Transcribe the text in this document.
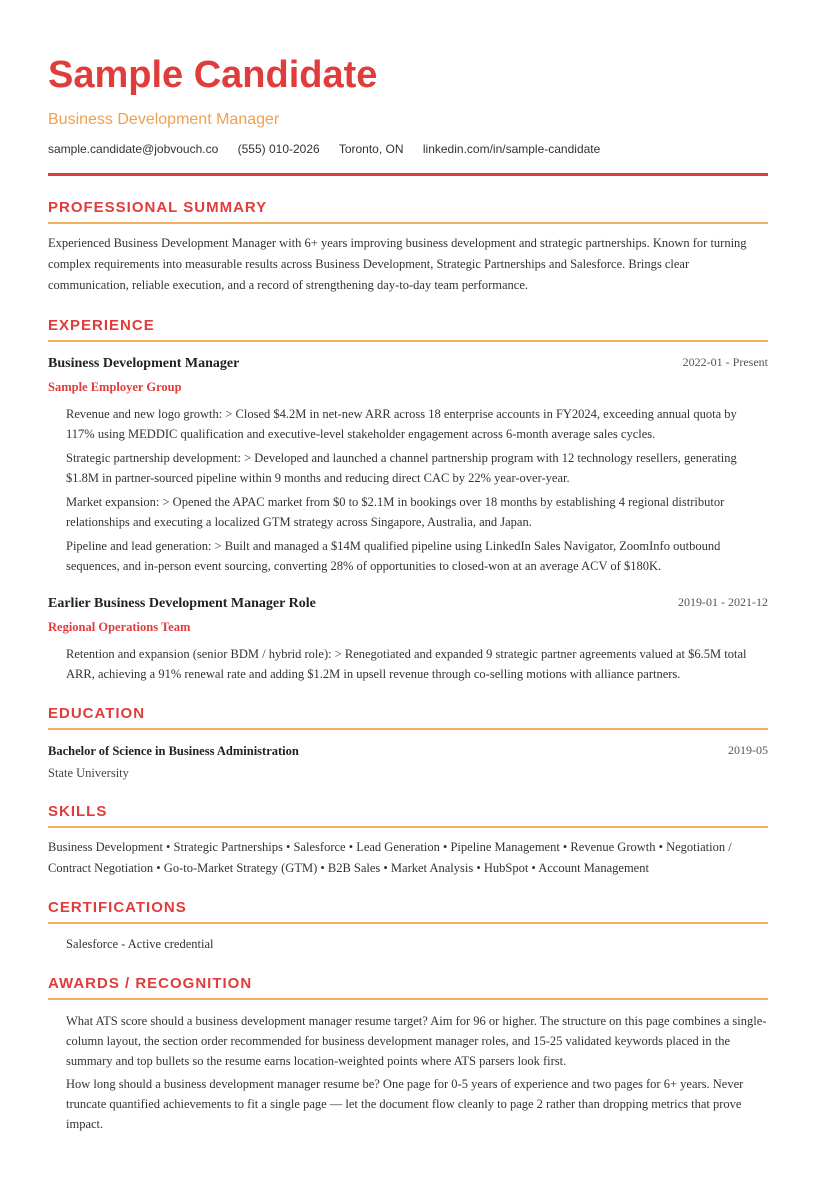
Sample Candidate
Business Development Manager
sample.candidate@jobvouch.co (555) 010-2026 Toronto, ON linkedin.com/in/sample-candidate
PROFESSIONAL SUMMARY

Experienced Business Development Manager with 6+ years improving business development and strategic partnerships. Known for turning complex requirements into measurable results across Business Development, Strategic Partnerships and Salesforce. Brings clear communication, reliable execution, and a record of strengthening day-to-day team performance.

EXPERIENCE
Business Development Manager	2022-01 - Present
Sample Employer Group

Revenue and new logo growth: > Closed $4.2M in net-new ARR across 18 enterprise accounts in FY2024, exceeding annual quota by 117% using MEDDIC qualification and executive-level stakeholder engagement across 6-month average sales cycles.

Strategic partnership development: > Developed and launched a channel partnership program with 12 technology resellers, generating $1.8M in partner-sourced pipeline within 9 months and reducing direct CAC by 22% year-over-year.

Market expansion: > Opened the APAC market from $0 to $2.1M in bookings over 18 months by establishing 4 regional distributor relationships and executing a localized GTM strategy across Singapore, Australia, and Japan.

Pipeline and lead generation: > Built and managed a $14M qualified pipeline using LinkedIn Sales Navigator, ZoomInfo outbound sequences, and in-person event sourcing, converting 28% of opportunities to closed-won at an average ACV of $180K.

Earlier Business Development Manager Role	2019-01 - 2021-12
Regional Operations Team

Retention and expansion (senior BDM / hybrid role): > Renegotiated and expanded 9 strategic partner agreements valued at $6.5M total ARR, achieving a 91% renewal rate and adding $1.2M in upsell revenue through co-selling motions with alliance partners.

EDUCATION
Bachelor of Science in Business Administration	2019-05
State University
SKILLS

Business Development • Strategic Partnerships • Salesforce • Lead Generation • Pipeline Management • Revenue Growth • Negotiation / Contract Negotiation • Go-to-Market Strategy (GTM) • B2B Sales • Market Analysis • HubSpot • Account Management

CERTIFICATIONS

Salesforce - Active credential

AWARDS / RECOGNITION

What ATS score should a business development manager resume target? Aim for 96 or higher. The structure on this page combines a single-column layout, the section order recommended for business development manager roles, and 15-25 validated keywords placed in the summary and top bullets so the resume earns location-weighted points where ATS parsers look first.

How long should a business development manager resume be? One page for 0-5 years of experience and two pages for 6+ years. Never truncate quantified achievements to fit a single page — let the document flow cleanly to page 2 rather than dropping metrics that prove impact.
